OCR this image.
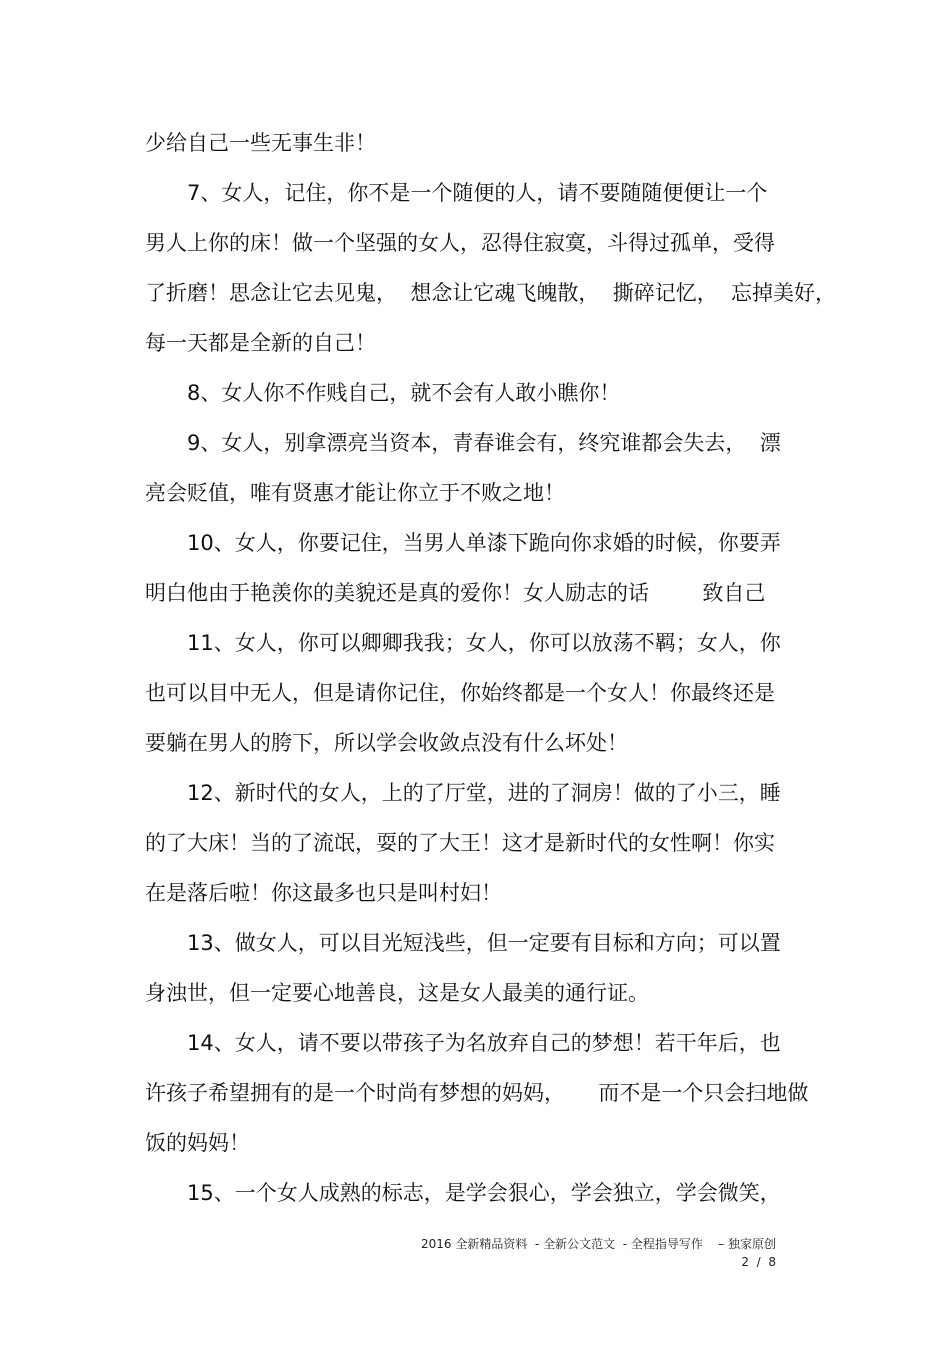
少给自己一些无事生非！
7、女人，记住，你不是一个随便的人，请不要随随便便让一个
男人上你的床！做一个坚强的女人，忍得住寂寞，斗得过孤单，受得
了折磨！思念让它去见鬼，  想念让它魂飞魄散，  撕碎记忆，  忘掉美好，
每一天都是全新的自己！
8、女人你不作贱自己，就不会有人敢小瞧你！
9、女人，别拿漂亮当资本，青春谁会有，终究谁都会失去，  漂
亮会贬值，唯有贤惠才能让你立于不败之地！
10、女人，你要记住，当男人单漆下跪向你求婚的时候，你要弄
明白他由于艳羡你的美貌还是真的爱你！女人励志的话        致自己
11、女人，你可以卿卿我我；女人，你可以放荡不羁；女人，你
也可以目中无人，但是请你记住，你始终都是一个女人！你最终还是
要躺在男人的胯下，所以学会收敛点没有什么坏处！
12、新时代的女人，上的了厅堂，进的了洞房！做的了小三，睡
的了大床！当的了流氓，耍的了大王！这才是新时代的女性啊！你实
在是落后啦！你这最多也只是叫村妇！
13、做女人，可以目光短浅些，但一定要有目标和方向；可以置
身浊世，但一定要心地善良，这是女人最美的通行证。
14、女人，请不要以带孩子为名放弃自己的梦想！若干年后，也
许孩子希望拥有的是一个时尚有梦想的妈妈，     而不是一个只会扫地做
饭的妈妈！
15、一个女人成熟的标志，是学会狠心，学会独立，学会微笑，
2016 全新精品资料  - 全新公文范文  - 全程指导写作    – 独家原创
2  /  8
